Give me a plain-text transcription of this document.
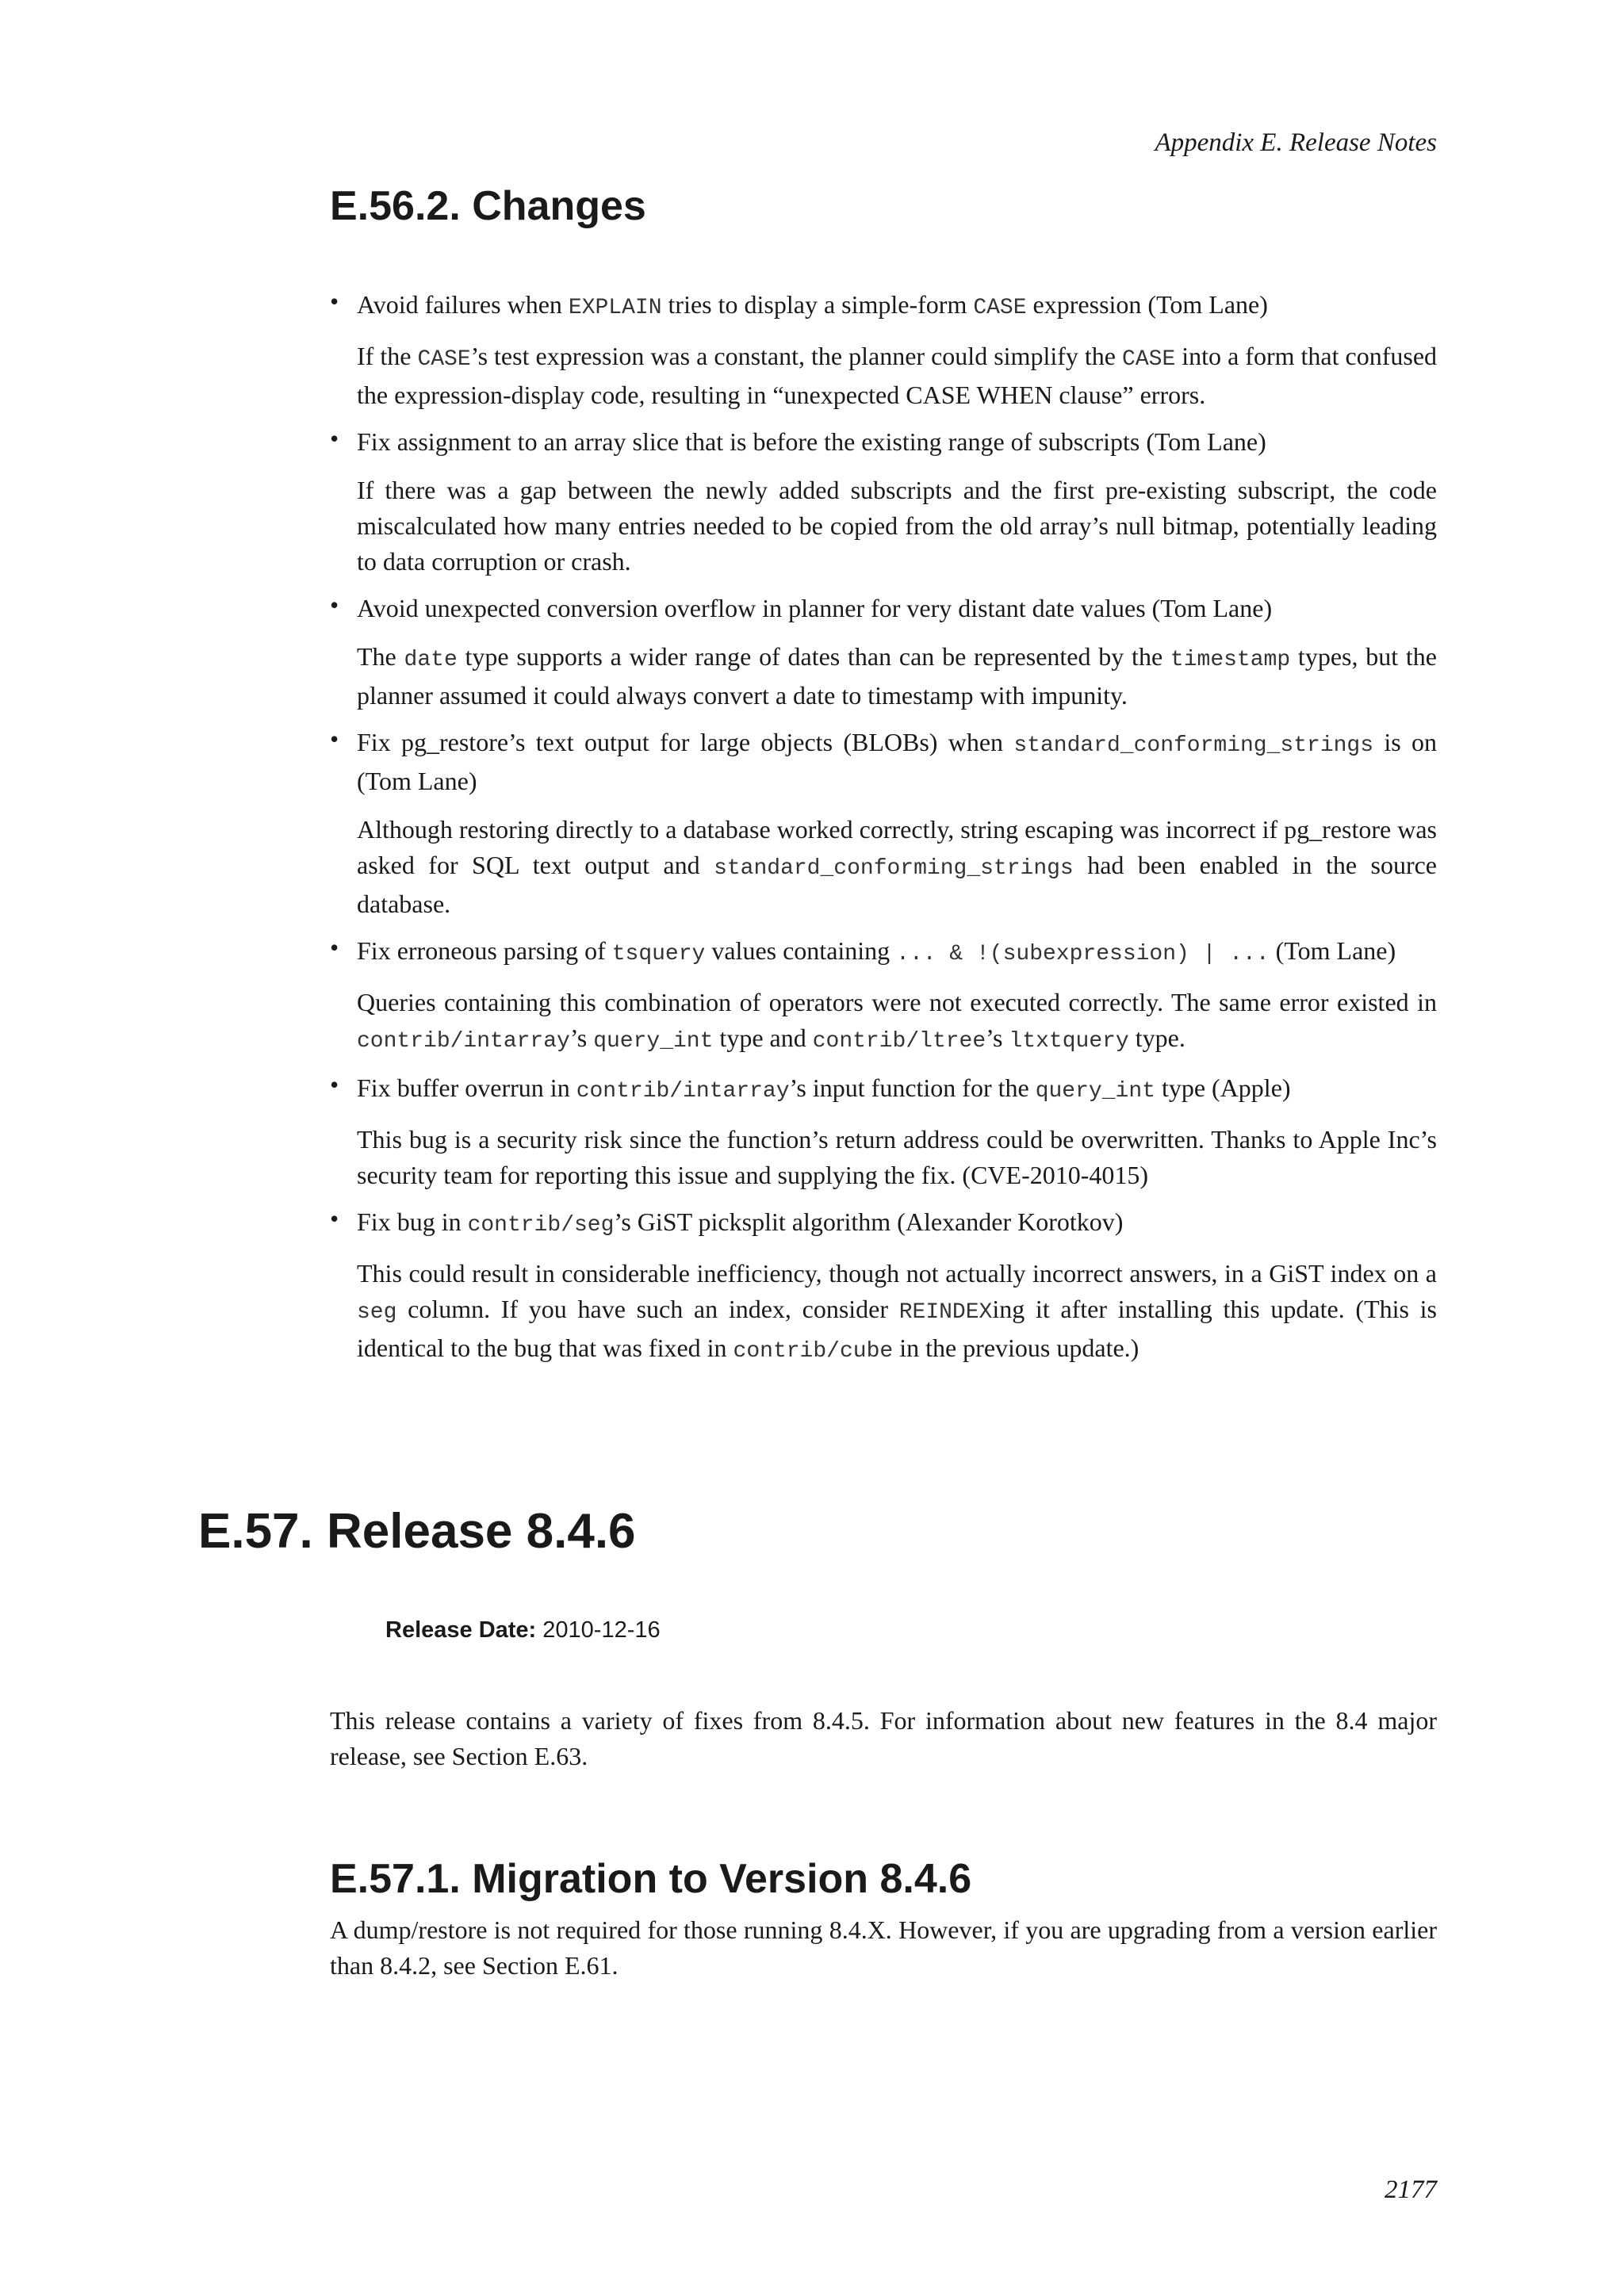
Appendix E. Release Notes
E.56.2. Changes
• Avoid failures when EXPLAIN tries to display a simple-form CASE expression (Tom Lane)

If the CASE’s test expression was a constant, the planner could simplify the CASE into a form that confused the expression-display code, resulting in “unexpected CASE WHEN clause” errors.

• Fix assignment to an array slice that is before the existing range of subscripts (Tom Lane)

If there was a gap between the newly added subscripts and the first pre-existing subscript, the code miscalculated how many entries needed to be copied from the old array’s null bitmap, potentially leading to data corruption or crash.

• Avoid unexpected conversion overflow in planner for very distant date values (Tom Lane)

The date type supports a wider range of dates than can be represented by the timestamp types, but the planner assumed it could always convert a date to timestamp with impunity.

• Fix pg_restore’s text output for large objects (BLOBs) when standard_conforming_strings is on (Tom Lane)

Although restoring directly to a database worked correctly, string escaping was incorrect if pg_restore was asked for SQL text output and standard_conforming_strings had been enabled in the source database.

• Fix erroneous parsing of tsquery values containing ... & !(subexpression) | ... (Tom Lane)

Queries containing this combination of operators were not executed correctly. The same error existed in contrib/intarray’s query_int type and contrib/ltree’s ltxtquery type.

• Fix buffer overrun in contrib/intarray’s input function for the query_int type (Apple)

This bug is a security risk since the function’s return address could be overwritten. Thanks to Apple Inc’s security team for reporting this issue and supplying the fix. (CVE-2010-4015)

• Fix bug in contrib/seg’s GiST picksplit algorithm (Alexander Korotkov)

This could result in considerable inefficiency, though not actually incorrect answers, in a GiST index on a seg column. If you have such an index, consider REINDEXing it after installing this update. (This is identical to the bug that was fixed in contrib/cube in the previous update.)

E.57. Release 8.4.6
Release Date: 2010-12-16

This release contains a variety of fixes from 8.4.5. For information about new features in the 8.4 major release, see Section E.63.

E.57.1. Migration to Version 8.4.6

A dump/restore is not required for those running 8.4.X. However, if you are upgrading from a version earlier than 8.4.2, see Section E.61.

2177
